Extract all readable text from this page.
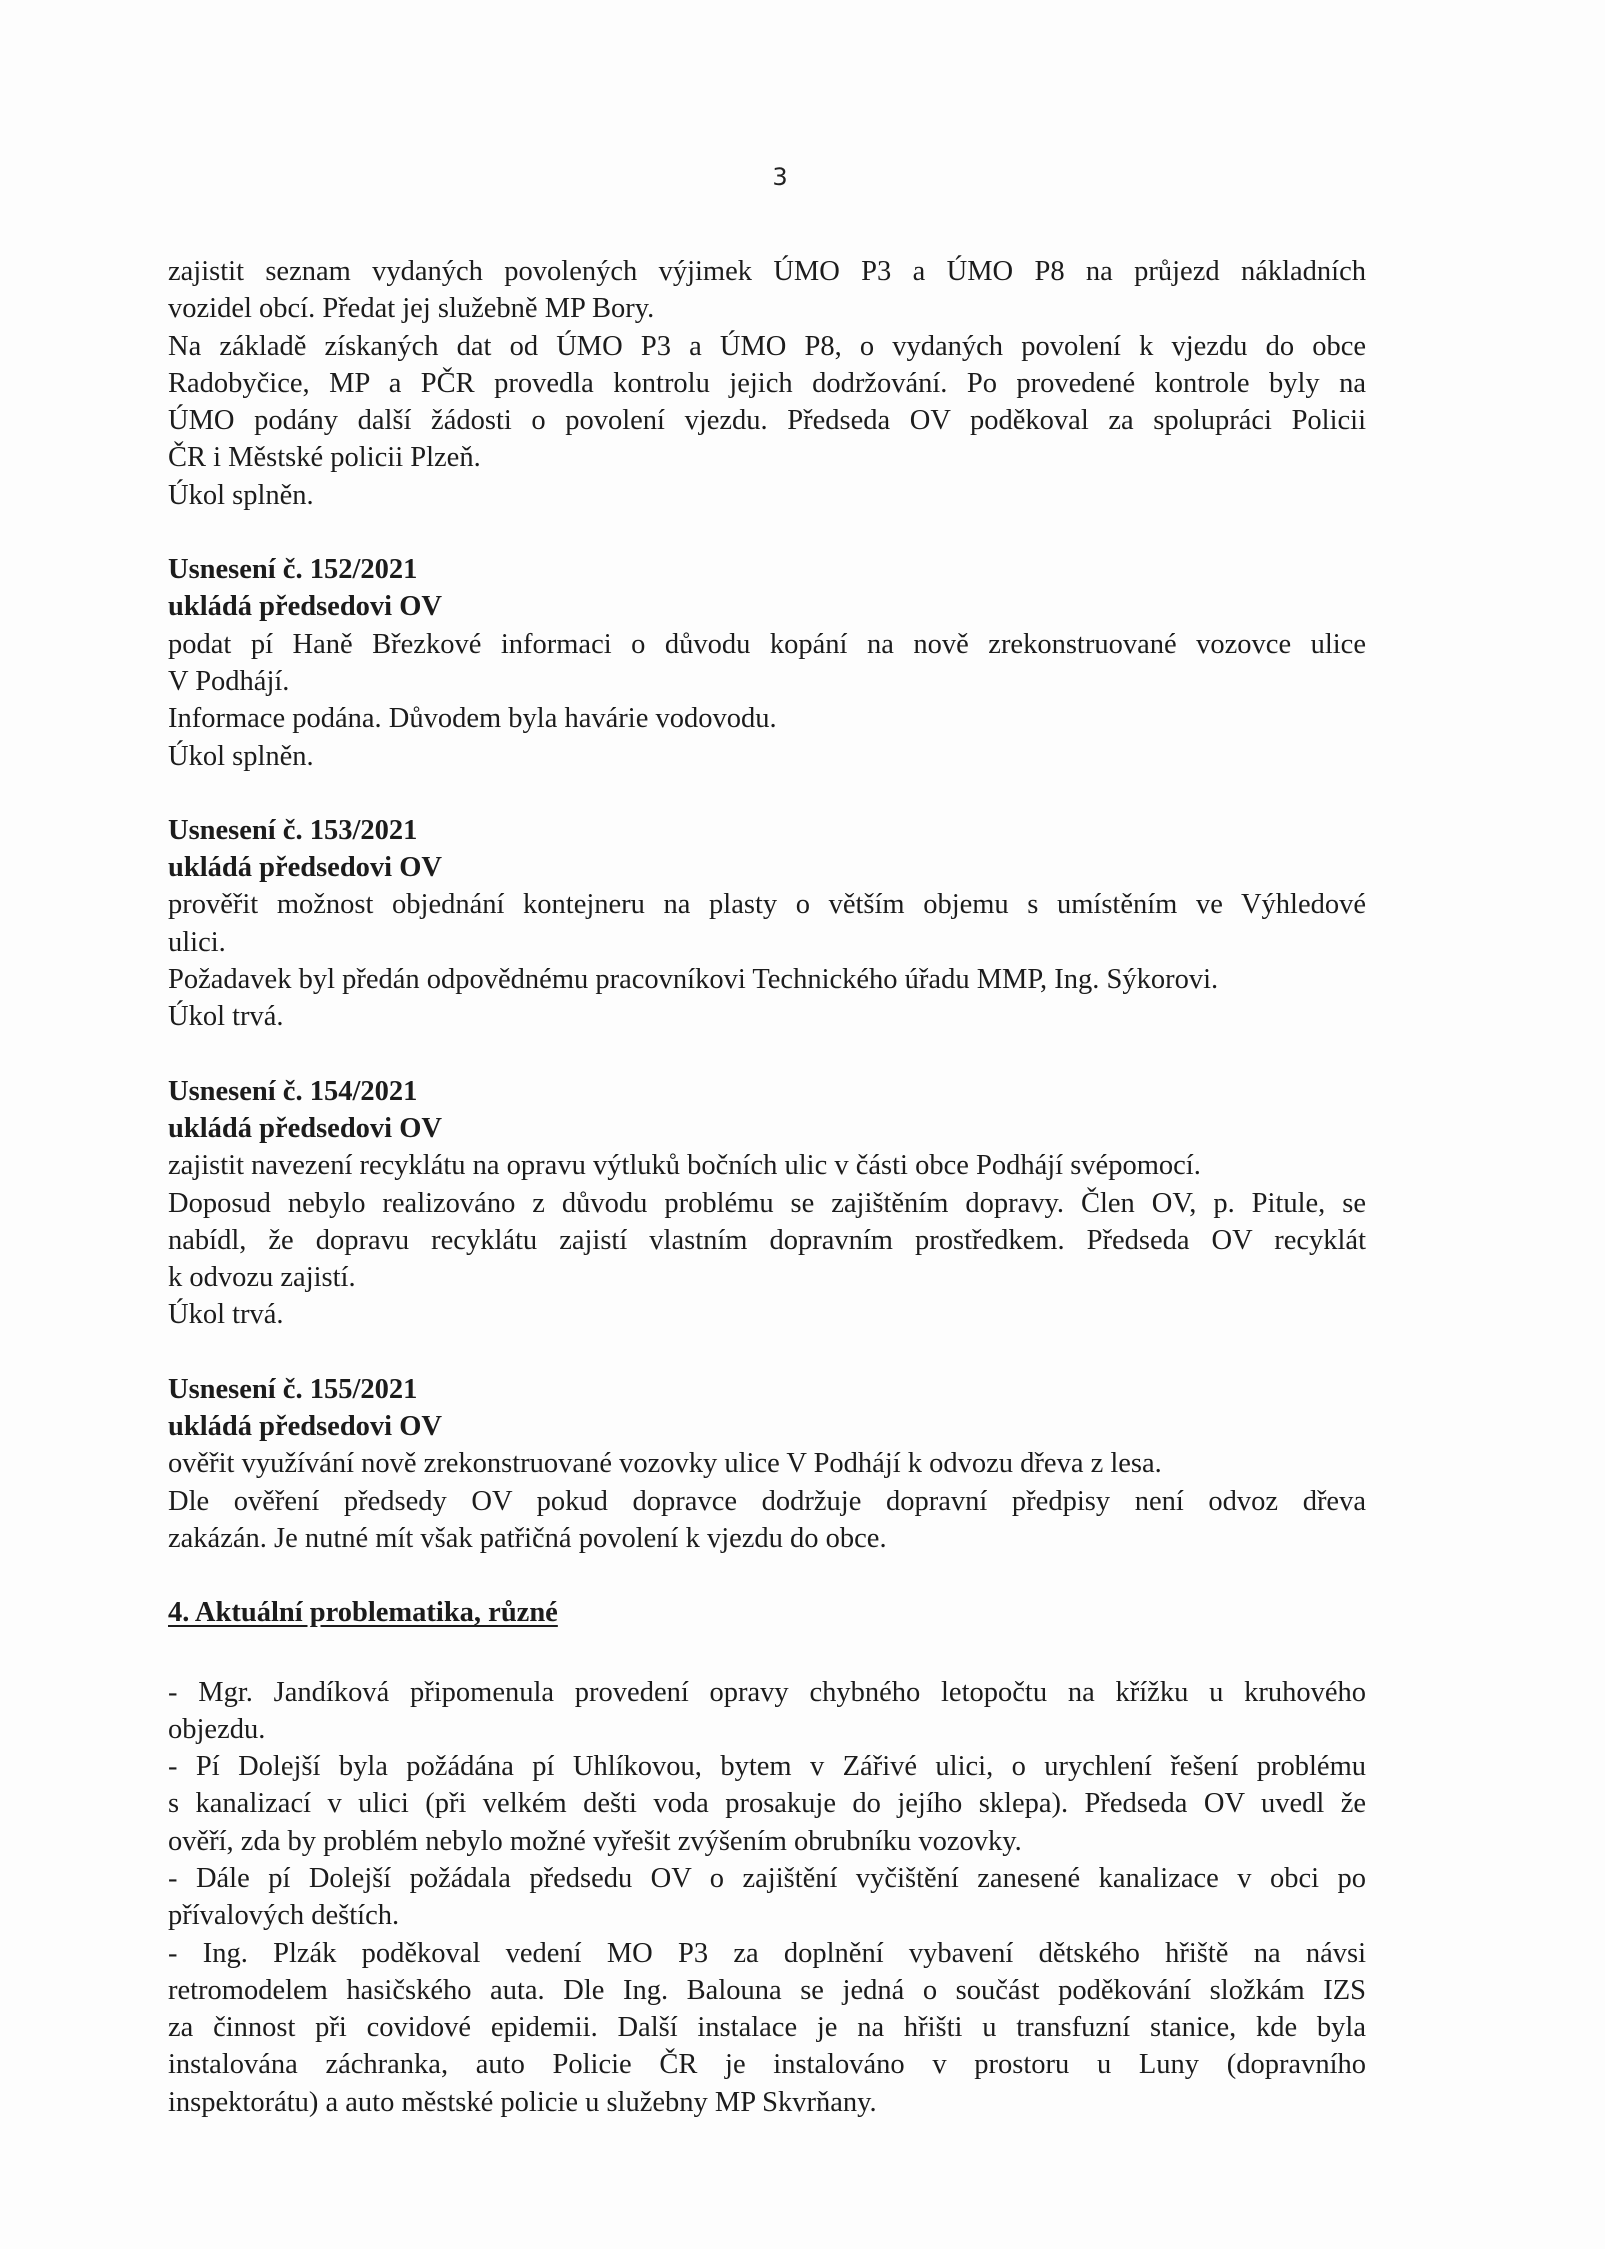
3
zajistit seznam vydaných povolených výjimek ÚMO P3 a ÚMO P8 na průjezd nákladních
vozidel obcí. Předat jej služebně MP Bory.
Na základě získaných dat od ÚMO P3 a ÚMO P8, o vydaných povolení k vjezdu do obce
Radobyčice, MP a PČR provedla kontrolu jejich dodržování. Po provedené kontrole byly na
ÚMO podány další žádosti o povolení vjezdu. Předseda OV poděkoval za spolupráci Policii
ČR i Městské policii Plzeň.
Úkol splněn.
Usnesení č. 152/2021
ukládá předsedovi OV
podat pí Haně Březkové informaci o důvodu kopání na nově zrekonstruované vozovce ulice
V Podhájí.
Informace podána. Důvodem byla havárie vodovodu.
Úkol splněn.
Usnesení č. 153/2021
ukládá předsedovi OV
prověřit možnost objednání kontejneru na plasty o větším objemu s umístěním ve Výhledové
ulici.
Požadavek byl předán odpovědnému pracovníkovi Technického úřadu MMP, Ing. Sýkorovi.
Úkol trvá.
Usnesení č. 154/2021
ukládá předsedovi OV
zajistit navezení recyklátu na opravu výtluků bočních ulic v části obce Podhájí svépomocí.
Doposud nebylo realizováno z důvodu problému se zajištěním dopravy. Člen OV, p. Pitule, se
nabídl, že dopravu recyklátu zajistí vlastním dopravním prostředkem. Předseda OV recyklát
k odvozu zajistí.
Úkol trvá.
Usnesení č. 155/2021
ukládá předsedovi OV
ověřit využívání nově zrekonstruované vozovky ulice V Podhájí k odvozu dřeva z lesa.
Dle ověření předsedy OV pokud dopravce dodržuje dopravní předpisy není odvoz dřeva
zakázán. Je nutné mít však patřičná povolení k vjezdu do obce.
4. Aktuální problematika, různé
- Mgr. Jandíková připomenula provedení opravy chybného letopočtu na křížku u kruhového
objezdu.
- Pí Dolejší byla požádána pí Uhlíkovou, bytem v Zářivé ulici, o urychlení řešení problému
s kanalizací v ulici (při velkém dešti voda prosakuje do jejího sklepa). Předseda OV uvedl že
ověří, zda by problém nebylo možné vyřešit zvýšením obrubníku vozovky.
- Dále pí Dolejší požádala předsedu OV o zajištění vyčištění zanesené kanalizace v obci po
přívalových deštích.
- Ing. Plzák poděkoval vedení MO P3 za doplnění vybavení dětského hřiště na návsi
retromodelem hasičského auta. Dle Ing. Balouna se jedná o součást poděkování složkám IZS
za činnost při covidové epidemii. Další instalace je na hřišti u transfuzní stanice, kde byla
instalována záchranka, auto Policie ČR je instalováno v prostoru u Luny (dopravního
inspektorátu) a auto městské policie u služebny MP Skvrňany.
